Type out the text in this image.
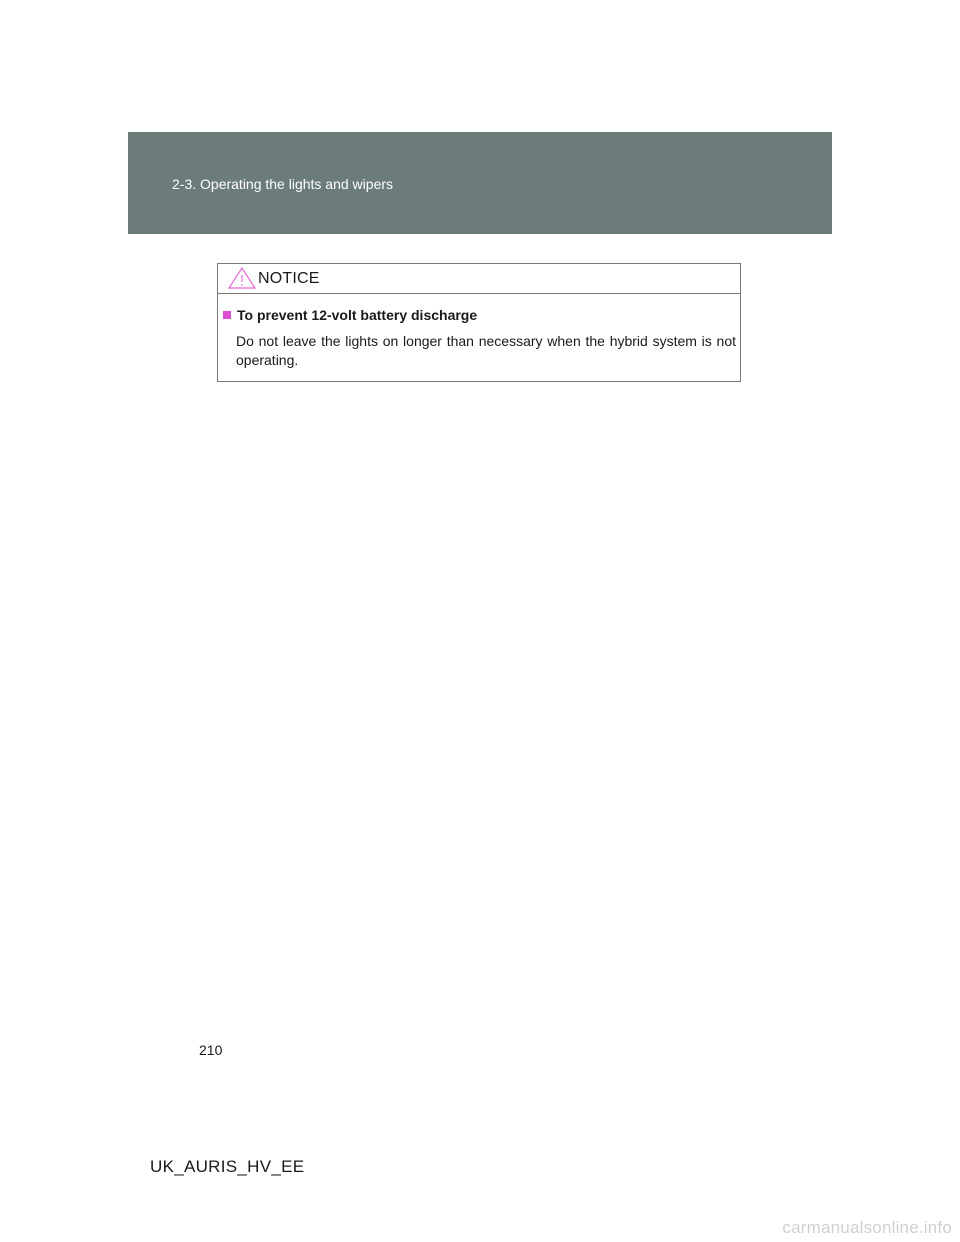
2-3. Operating the lights and wipers
NOTICE
To prevent 12-volt battery discharge
Do not leave the lights on longer than necessary when the hybrid system is not operating.
210
UK_AURIS_HV_EE
carmanualsonline.info
